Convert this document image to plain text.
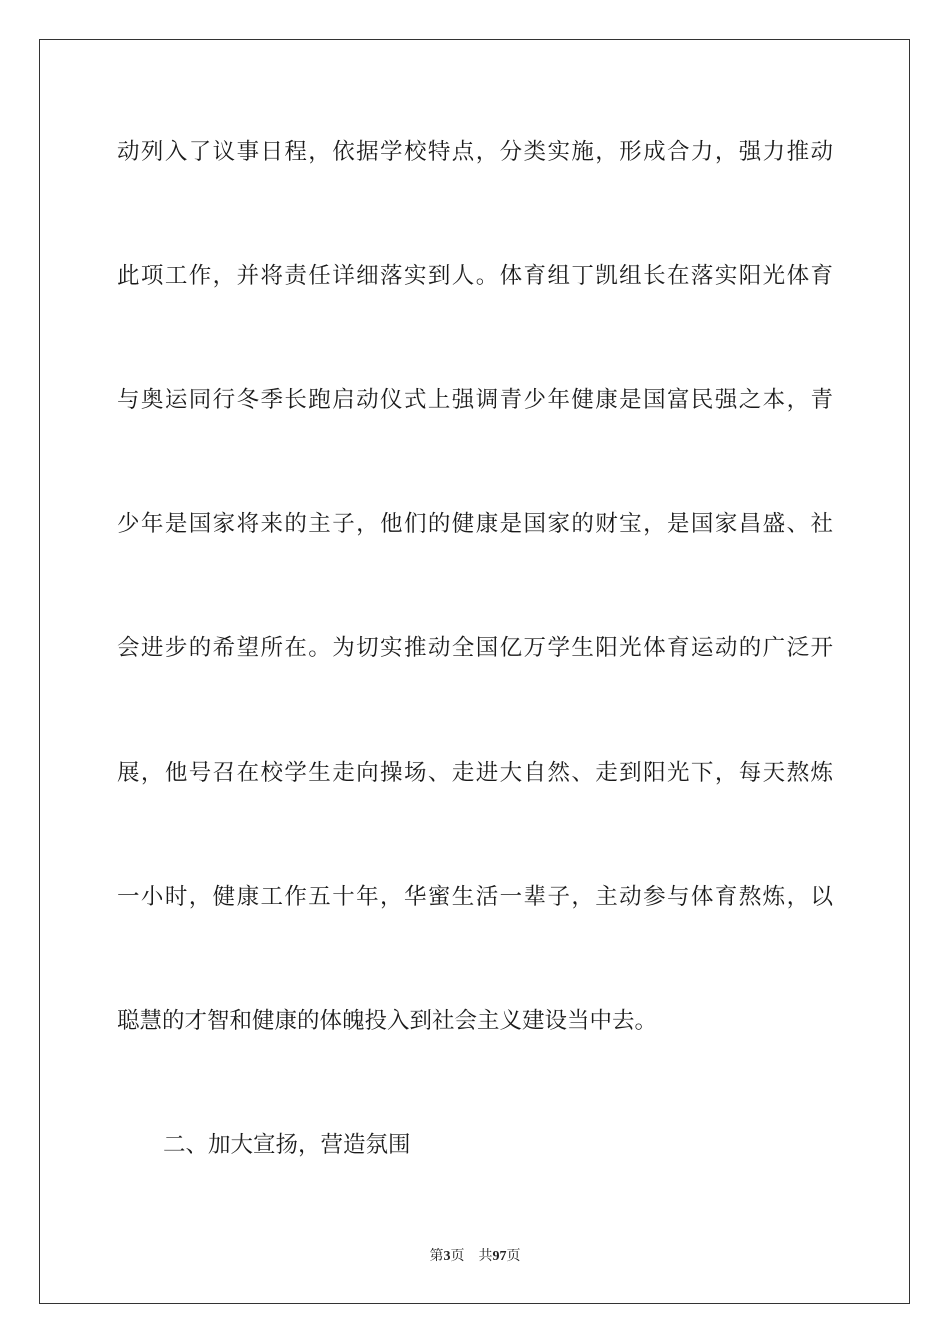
动列入了议事日程，依据学校特点，分类实施，形成合力，强力推动
此项工作，并将责任详细落实到人。体育组丁凯组长在落实阳光体育
与奥运同行冬季长跑启动仪式上强调青少年健康是国富民强之本，青
少年是国家将来的主子，他们的健康是国家的财宝，是国家昌盛、社
会进步的希望所在。为切实推动全国亿万学生阳光体育运动的广泛开
展，他号召在校学生走向操场、走进大自然、走到阳光下，每天熬炼
一小时，健康工作五十年，华蜜生活一辈子，主动参与体育熬炼，以
聪慧的才智和健康的体魄投入到社会主义建设当中去。
二、加大宣扬，营造氛围
第3页 共97页
